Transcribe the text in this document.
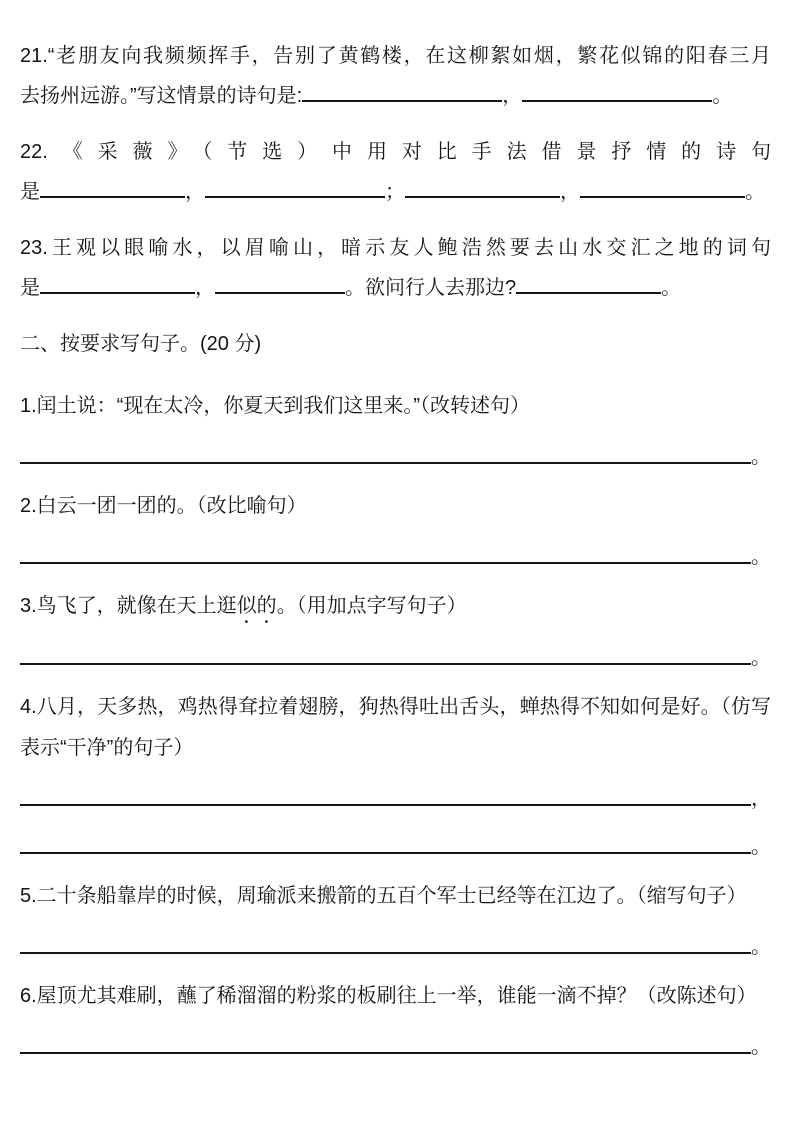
21.“老朋友向我频频挥手，告别了黄鹤楼，在这柳絮如烟，繁花似锦的阳春三月
去扬州远游。”写这情景的诗句是:	，	。
22.《采薇》（节选）中用对比手法借景抒情的诗句
是	，	；	，	。
23.王观以眼喻水，以眉喻山，暗示友人鲍浩然要去山水交汇之地的词句
是	，	。欲问行人去那边?	。
二、按要求写句子。(20 分)
1.闰土说：“现在太冷，你夏天到我们这里来。”（改转述句）
。
2.白云一团一团的。（改比喻句）
。
3.鸟飞了，就像在天上逛似的。（用加点字写句子）
。
4.八月，天多热，鸡热得耷拉着翅膀，狗热得吐出舌头，蝉热得不知如何是好。（仿写表示“干净”的句子）
，
。
5.二十条船靠岸的时候，周瑜派来搬箭的五百个军士已经等在江边了。（缩写句子）
。
6.屋顶尤其难刷，蘸了稀溜溜的粉浆的板刷往上一举，谁能一滴不掉？（改陈述句）
。
